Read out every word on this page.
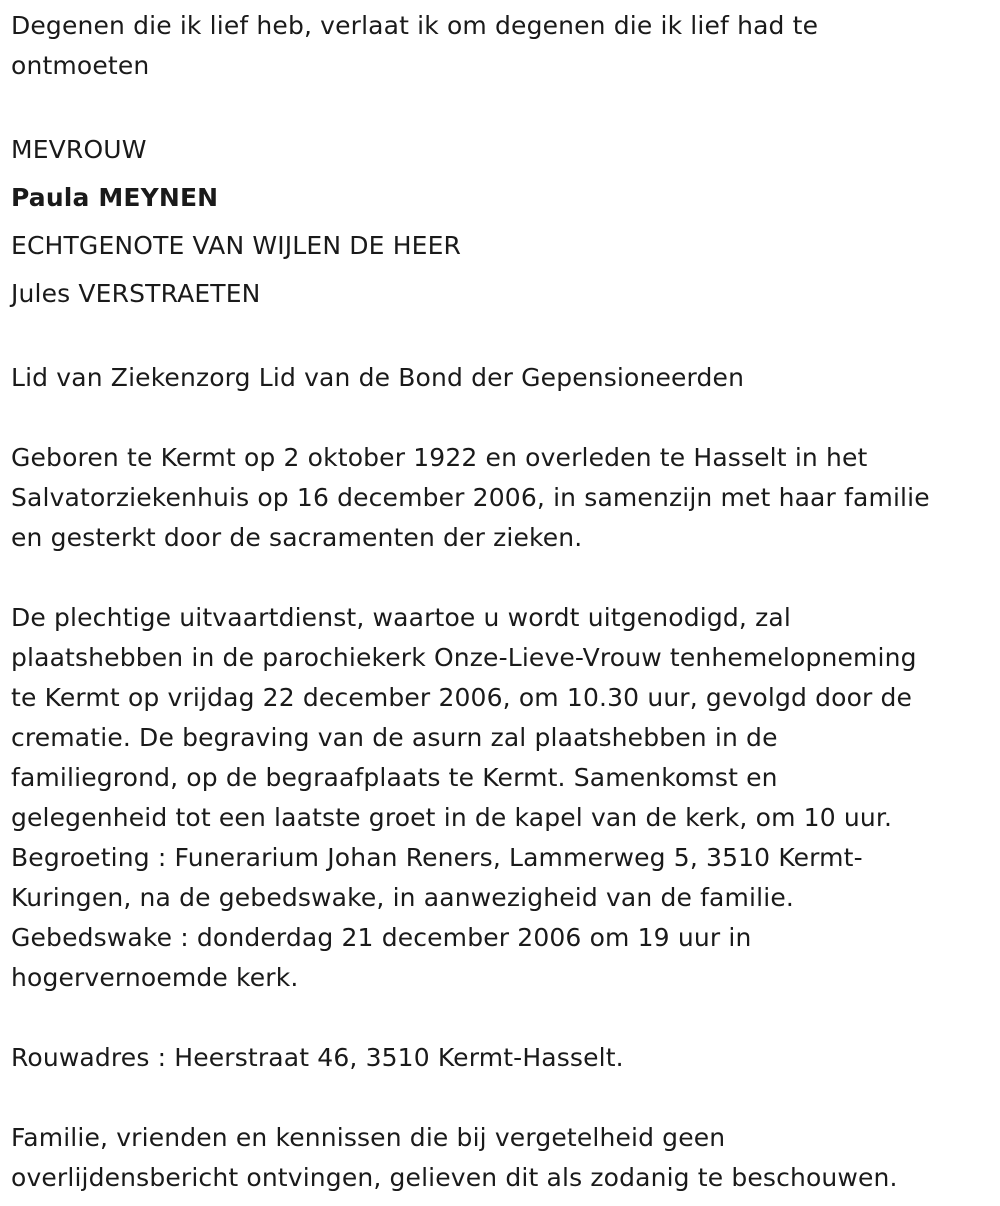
Degenen die ik lief heb, verlaat ik om degenen die ik lief had te
ontmoeten
MEVROUW
Paula MEYNEN
ECHTGENOTE VAN WIJLEN DE HEER
Jules VERSTRAETEN
Lid van Ziekenzorg Lid van de Bond der Gepensioneerden
Geboren te Kermt op 2 oktober 1922 en overleden te Hasselt in het
Salvatorziekenhuis op 16 december 2006, in samenzijn met haar familie
en gesterkt door de sacramenten der zieken.
De plechtige uitvaartdienst, waartoe u wordt uitgenodigd, zal
plaatshebben in de parochiekerk Onze-Lieve-Vrouw tenhemelopneming
te Kermt op vrijdag 22 december 2006, om 10.30 uur, gevolgd door de
crematie. De begraving van de asurn zal plaatshebben in de
familiegrond, op de begraafplaats te Kermt. Samenkomst en
gelegenheid tot een laatste groet in de kapel van de kerk, om 10 uur.
Begroeting : Funerarium Johan Reners, Lammerweg 5, 3510 Kermt-
Kuringen, na de gebedswake, in aanwezigheid van de familie.
Gebedswake : donderdag 21 december 2006 om 19 uur in
hogervernoemde kerk.
Rouwadres : Heerstraat 46, 3510 Kermt-Hasselt.
Familie, vrienden en kennissen die bij vergetelheid geen
overlijdensbericht ontvingen, gelieven dit als zodanig te beschouwen.
